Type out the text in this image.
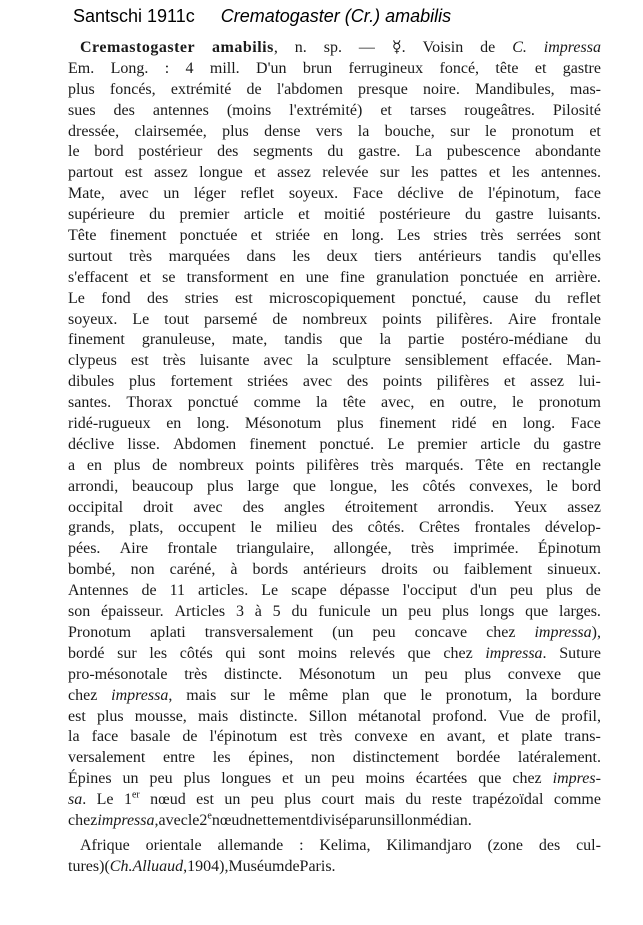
Santschi 1911c Crematogaster (Cr.) amabilis
Cremastogaster amabilis, n. sp. — ☿. Voisin de C. impressa
Em. Long. : 4 mill. D'un brun ferrugineux foncé, tête et gastre
plus foncés, extrémité de l'abdomen presque noire. Mandibules, mas-
sues des antennes (moins l'extrémité) et tarses rougeâtres. Pilosité
dressée, clairsemée, plus dense vers la bouche, sur le pronotum et
le bord postérieur des segments du gastre. La pubescence abondante
partout est assez longue et assez relevée sur les pattes et les antennes.
Mate, avec un léger reflet soyeux. Face déclive de l'épinotum, face
supérieure du premier article et moitié postérieure du gastre luisants.
Tête finement ponctuée et striée en long. Les stries très serrées sont
surtout très marquées dans les deux tiers antérieurs tandis qu'elles
s'effacent et se transforment en une fine granulation ponctuée en arrière.
Le fond des stries est microscopiquement ponctué, cause du reflet
soyeux. Le tout parsemé de nombreux points pilifères. Aire frontale
finement granuleuse, mate, tandis que la partie postéro-médiane du
clypeus est très luisante avec la sculpture sensiblement effacée. Man-
dibules plus fortement striées avec des points pilifères et assez lui-
santes. Thorax ponctué comme la tête avec, en outre, le pronotum
ridé-rugueux en long. Mésonotum plus finement ridé en long. Face
déclive lisse. Abdomen finement ponctué. Le premier article du gastre
a en plus de nombreux points pilifères très marqués. Tête en rectangle
arrondi, beaucoup plus large que longue, les côtés convexes, le bord
occipital droit avec des angles étroitement arrondis. Yeux assez
grands, plats, occupent le milieu des côtés. Crêtes frontales dévelop-
pées. Aire frontale triangulaire, allongée, très imprimée. Épinotum
bombé, non caréné, à bords antérieurs droits ou faiblement sinueux.
Antennes de 11 articles. Le scape dépasse l'occiput d'un peu plus de
son épaisseur. Articles 3 à 5 du funicule un peu plus longs que larges.
Pronotum aplati transversalement (un peu concave chez impressa),
bordé sur les côtés qui sont moins relevés que chez impressa. Suture
pro-mésonotale très distincte. Mésonotum un peu plus convexe que
chez impressa, mais sur le même plan que le pronotum, la bordure
est plus mousse, mais distincte. Sillon métanotal profond. Vue de profil,
la face basale de l'épinotum est très convexe en avant, et plate trans-
versalement entre les épines, non distinctement bordée latéralement.
Épines un peu plus longues et un peu moins écartées que chez impres-
sa. Le 1er nœud est un peu plus court mais du reste trapézoïdal comme
chez impressa, avec le 2e nœud nettement divisé par un sillon médian.
Afrique orientale allemande : Kelima, Kilimandjaro (zone des cul-
tures) (Ch. Alluaud, 1904), Muséum de Paris.
